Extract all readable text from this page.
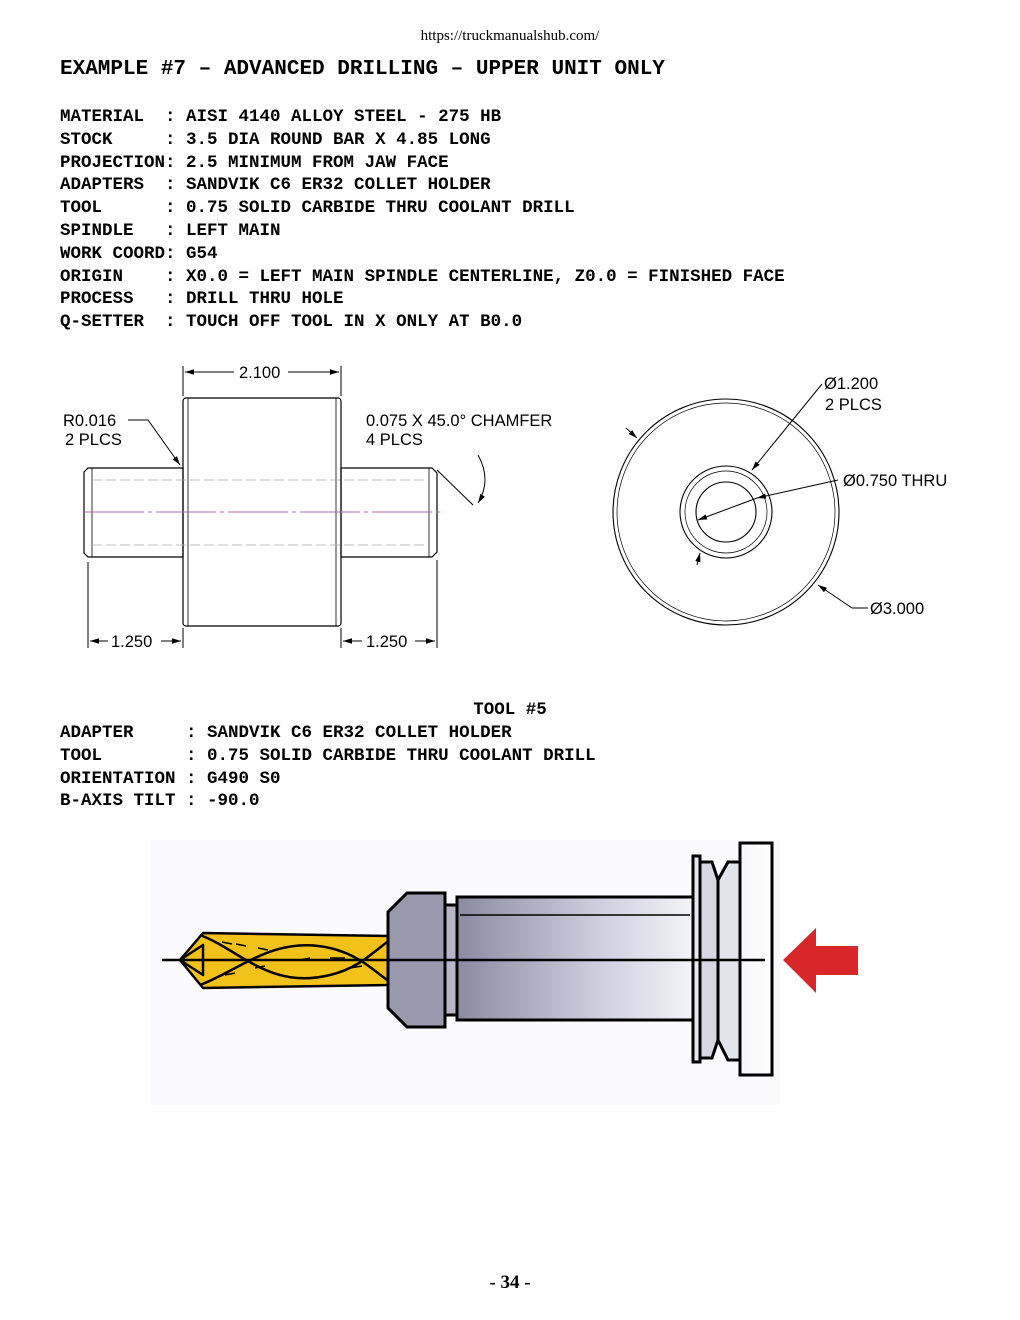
https://truckmanualshub.com/
EXAMPLE #7 – ADVANCED DRILLING – UPPER UNIT ONLY

MATERIAL  : AISI 4140 ALLOY STEEL - 275 HB

STOCK     : 3.5 DIA ROUND BAR X 4.85 LONG

PROJECTION: 2.5 MINIMUM FROM JAW FACE

ADAPTERS  : SANDVIK C6 ER32 COLLET HOLDER

TOOL      : 0.75 SOLID CARBIDE THRU COOLANT DRILL

SPINDLE   : LEFT MAIN

WORK COORD: G54

ORIGIN    : X0.0 = LEFT MAIN SPINDLE CENTERLINE, Z0.0 = FINISHED FACE

PROCESS   : DRILL THRU HOLE

Q-SETTER  : TOUCH OFF TOOL IN X ONLY AT B0.0

2.100
R0.016
2 PLCS
0.075 X 45.0° CHAMFER
4 PLCS
1.250	1.250
Ø1.200
2 PLCS
Ø0.750 THRU
Ø3.000
TOOL #5

ADAPTER     : SANDVIK C6 ER32 COLLET HOLDER

TOOL        : 0.75 SOLID CARBIDE THRU COOLANT DRILL

ORIENTATION : G490 S0

B-AXIS TILT : -90.0

- 34 -
